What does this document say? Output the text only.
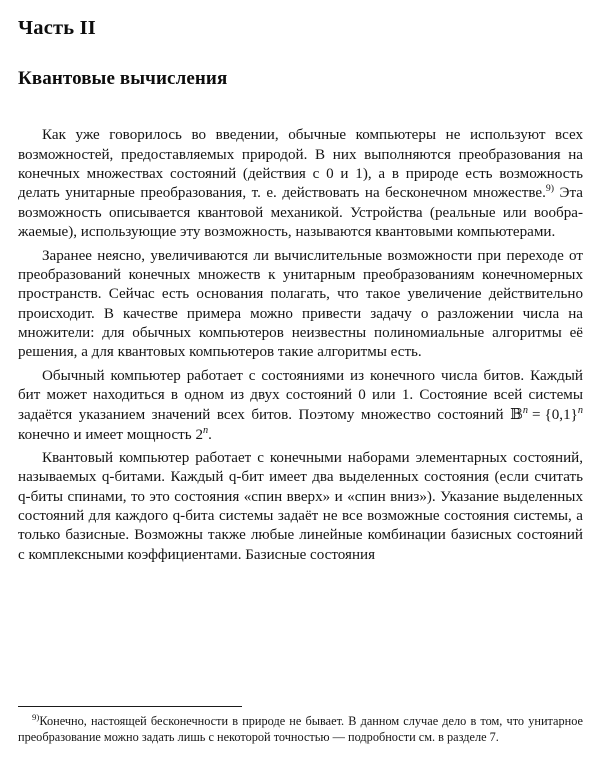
Часть II
Квантовые вычисления

Как уже говорилось во введении, обычные компьютеры не используют всех возможностей, предоставляемых природой. В них выполняются преобразования на конечных множествах состояний (действия с 0 и 1), а в природе есть возможность делать унитарные преобразования, т. е. действовать на бесконечном множестве.$^{9)}$ Эта возможность описывается квантовой механикой. Устройства (реальные или воображаемые), использующие эту возможность, называются квантовыми компьютерами.

Заранее неясно, увеличиваются ли вычислительные возможности при переходе от преобразований конечных множеств к унитарным преобразованиям конечномерных пространств. Сейчас есть основания полагать, что такое увеличение действительно происходит. В качестве примера можно привести задачу о разложении числа на множители: для обычных компьютеров неизвестны полиномиальные алгоритмы её решения, а для квантовых компьютеров такие алгоритмы есть.

Обычный компьютер работает с состояниями из конечного числа битов. Каждый бит может находиться в одном из двух состояний 0 или 1. Состояние всей системы задаётся указанием значений всех битов. Поэтому множество состояний 𝔹$^n$ = $\{0,1\}^n$ конечно и имеет мощность 2$^n$.

Квантовый компьютер работает с конечными наборами элементарных состояний, называемых q-битами. Каждый q-бит имеет два выделенных состояния (если считать q-биты спинами, то это состояния «спин вверх» и «спин вниз»). Указание выделенных состояний для каждого q-бита системы задаёт не все возможные состояния системы, а только базисные. Возможны также любые линейные комбинации базисных состояний с комплексными коэффициентами. Базисные состояния

$^{9)}$Конечно, настоящей бесконечности в природе не бывает. В данном случае дело в том, что унитарное преобразование можно задать лишь с некоторой точностью — подробности см. в разделе 7.
